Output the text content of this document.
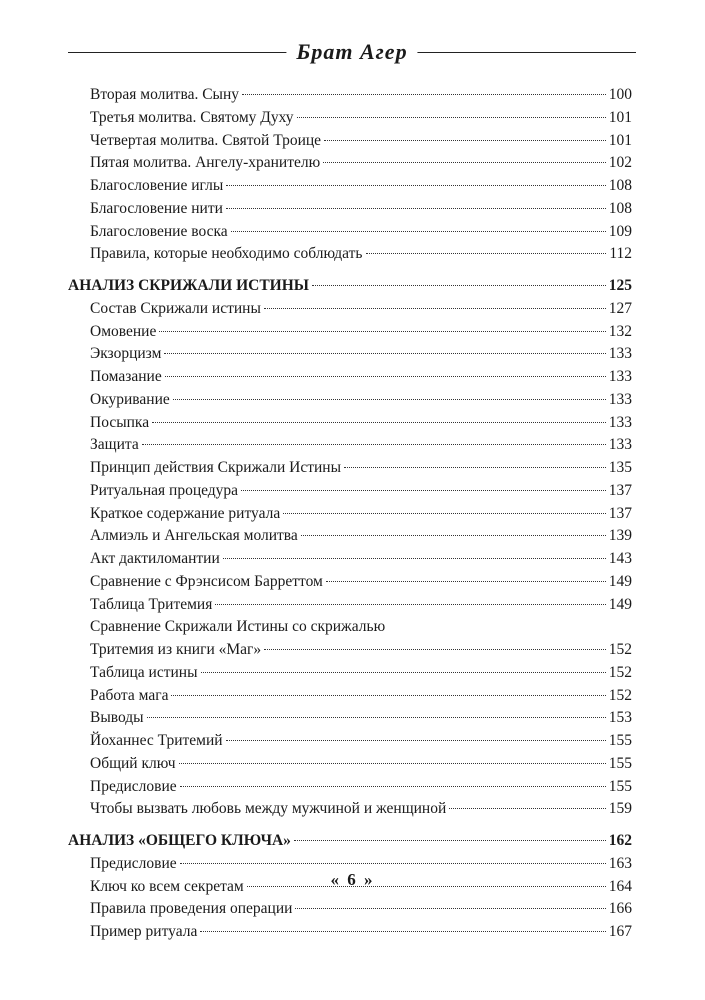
Брат Агер
Вторая молитва. Сыну	100
Третья молитва. Святому Духу	101
Четвертая молитва. Святой Троице	101
Пятая молитва. Ангелу-хранителю	102
Благословение иглы	108
Благословение нити	108
Благословение воска	109
Правила, которые необходимо соблюдать	112
АНАЛИЗ СКРИЖАЛИ ИСТИНЫ	125
Состав Скрижали истины	127
Омовение	132
Экзорцизм	133
Помазание	133
Окуривание	133
Посыпка	133
Защита	133
Принцип действия Скрижали Истины	135
Ритуальная процедура	137
Краткое содержание ритуала	137
Алмиэль и Ангельская молитва	139
Акт дактиломантии	143
Сравнение с Фрэнсисом Барреттом	149
Таблица Тритемия	149
Сравнение Скрижали Истины со скрижалью
Тритемия из книги «Маг»	152
Таблица истины	152
Работа мага	152
Выводы	153
Йоханнес Тритемий	155
Общий ключ	155
Предисловие	155
Чтобы вызвать любовь между мужчиной и женщиной	159
АНАЛИЗ «ОБЩЕГО КЛЮЧА»	162
Предисловие	163
Ключ ко всем секретам	164
Правила проведения операции	166
Пример ритуала	167
« 6 »
